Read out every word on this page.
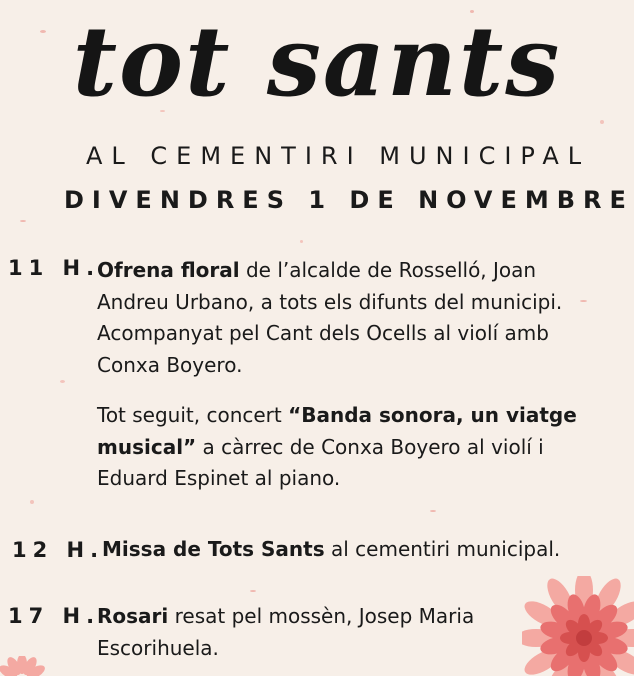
tot sants
AL CEMENTIRI MUNICIPAL
DIVENDRES 1 DE NOVEMBRE
11 H.
Ofrena floral de l’alcalde de Rosselló, Joan Andreu Urbano, a tots els difunts del municipi. Acompanyat pel Cant dels Ocells al violí amb Conxa Boyero.
Tot seguit, concert “Banda sonora, un viatge musical” a càrrec de Conxa Boyero al violí i Eduard Espinet al piano.
12 H.
Missa de Tots Sants al cementiri municipal.
17 H.
Rosari resat pel mossèn, Josep Maria Escorihuela.
